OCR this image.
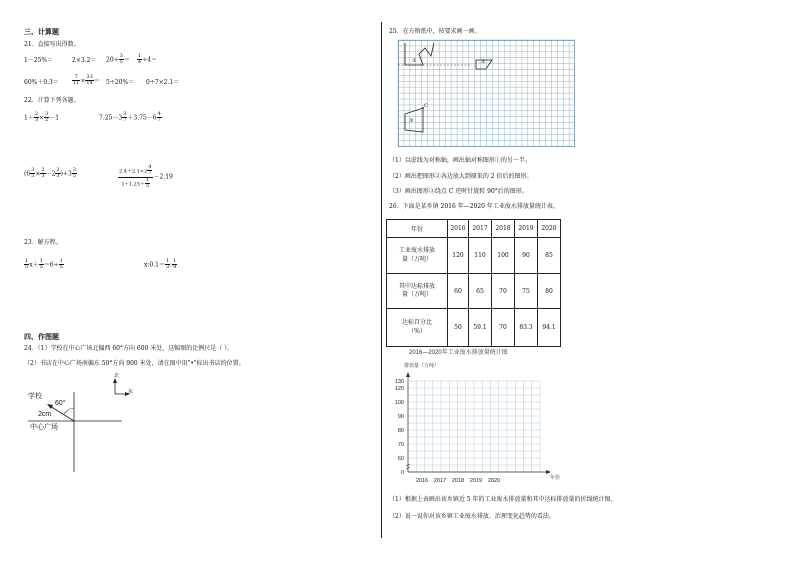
三、计算题
21．直接写出得数。
1－25%＝	$2\times 3.2= 20\div \frac{3}{5} = \frac{1}{4} \div 4=$
60%＋0.3＝	$\frac{7}{11} \times \frac{33}{14} = 5\div 20\%= 0\div 7\times 2.1=$
22．计算下列各题。
$1+ \frac{2}{3} \times \frac{3}{2} -1$	$7.25-3 \frac{3}{7} +3.75-6 \frac{4}{7}$
$(6 \frac{3}{5} \times \frac{2}{3} -2 \frac{2}{3} )\div 3 \frac{3}{5}$	$\frac{2.4+2.1\times 2 \frac{4}{7}}{1\div 1.25+ \frac{1}{5}} -2.19$
23．解方程。
$\frac{1}{5} x+ \frac{1}{5} =6\div \frac{1}{5}$	x:0.1＝ $\frac{1}{3}$ : $\frac{1}{9}$
四、作图题
24．（1）学校在中心广场北偏西 60°方向 600 米处，这幅图的比例尺是（ ）。
（2）书店在中心广场南偏东 50°方向 900 米处，请在图中用"•"标出书店的位置。
北
东
学校
60°
2cm
中心广场
25．在方格纸中，按要求画一画。
①	②
③
C
（1）以虚线为对称轴，画出轴对称图形①的另一半。
（2）画出把图形②各边放大到原来的 2 倍后的图形。
（3）画出图形③绕点 C 逆时针旋转 90°后的图形。
26．下面是某乡镇 2016 年—2020 年工业废水排放量统计表。
年份	2016	2017	2018	2019	2020
工业废水排放
量（万吨）	120	110	100	90	85
其中达标排放
量（万吨）	60	65	70	75	80
达标百分比
（%）	50	59.1	70	83.3	94.1
2016—2020年工业废水排放量统计图
排放量（万吨）
年份
130
120
100
90
80
70
60
0
2016 2017 2018 2019 2020
（1）根据上表画出该乡镇近 5 年的工业废水排放量和其中达标排放量的折线统计图。
（2）说一说你对该乡镇工业废水排放、治理变化趋势的看法。
